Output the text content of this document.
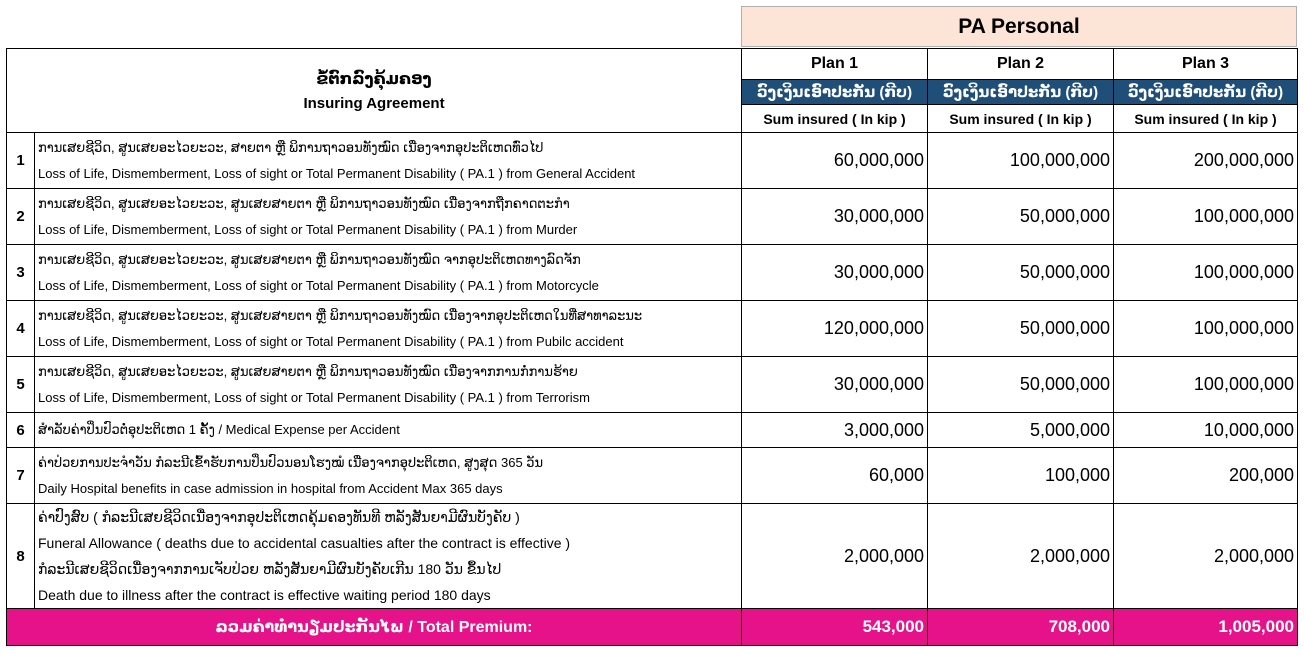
PA Personal
ຂໍ້ຕົກລົງຄຸ້ມຄອງ
Insuring Agreement		Plan 1	Plan 2	Plan 3
		ວົງເງິນເອົາປະກັນ (ກີບ)	ວົງເງິນເອົາປະກັນ (ກີບ)	ວົງເງິນເອົາປະກັນ (ກີບ)
		Sum insured ( In kip )	Sum insured ( In kip )	Sum insured ( In kip )
1	ການເສຍຊີວິດ, ສູນເສຍອະໄວຍະວະ, ສາຍຕາ ຫຼື ພິການຖາວອນທັງໝົດ ເນື່ອງຈາກອຸປະຕິເຫດທົ່ວໄປ
Loss of Life, Dismemberment, Loss of sight or Total Permanent Disability ( PA.1 ) from General Accident	60,000,000	100,000,000	200,000,000
2	ການເສຍຊີວິດ, ສູນເສຍອະໄວຍະວະ, ສູນເສຍສາຍຕາ ຫຼື ພິການຖາວອນທັງໝົດ ເນື່ອງຈາກຖືກຄາດຕະກຳ
Loss of Life, Dismemberment, Loss of sight or Total Permanent Disability ( PA.1 ) from Murder	30,000,000	50,000,000	100,000,000
3	ການເສຍຊີວິດ, ສູນເສຍອະໄວຍະວະ, ສູນເສຍສາຍຕາ ຫຼື ພິການຖາວອນທັງໝົດ ຈາກອຸປະຕິເຫດທາງລົດຈັກ
Loss of Life, Dismemberment, Loss of sight or Total Permanent Disability ( PA.1 ) from Motorcycle	30,000,000	50,000,000	100,000,000
4	ການເສຍຊີວິດ, ສູນເສຍອະໄວຍະວະ, ສູນເສຍສາຍຕາ ຫຼື ພິການຖາວອນທັງໝົດ ເນື່ອງຈາກອຸປະຕິເຫດໃນທີ່ສາທາລະນະ
Loss of Life, Dismemberment, Loss of sight or Total Permanent Disability ( PA.1 ) from Pubilc accident	120,000,000	50,000,000	100,000,000
5	ການເສຍຊີວິດ, ສູນເສຍອະໄວຍະວະ, ສູນເສຍສາຍຕາ ຫຼື ພິການຖາວອນທັງໝົດ ເນື່ອງຈາກການກໍ່ການຮ້າຍ
Loss of Life, Dismemberment, Loss of sight or Total Permanent Disability ( PA.1 ) from Terrorism	30,000,000	50,000,000	100,000,000
6	ສຳລັບຄ່າປິ່ນປົວຕໍ່ອຸປະຕິເຫດ 1 ຄັ້ງ / Medical Expense per Accident	3,000,000	5,000,000	10,000,000
7	ຄ່າປ່ວຍການປະຈຳວັນ ກໍລະນີເຂົ້າຮັບການປິ່ນປົວນອນໂຮງໝໍ ເນື່ອງຈາກອຸປະຕິເຫດ, ສູງສຸດ 365 ວັນ
Daily Hospital benefits in case admission in hospital from Accident Max 365 days	60,000	100,000	200,000
8	ຄ່າປົງສົບ ( ກໍລະນີເສຍຊີວິດເນື່ອງຈາກອຸປະຕິເຫດຄຸ້ມຄອງທັນທີ ຫລັງສັນຍາມີຜົນບັງຄັບ )
Funeral Allowance ( deaths due to accidental casualties after the contract is effective )
ກໍລະນີເສຍຊີວິດເນື່ອງຈາກການເຈັບປ່ວຍ ຫລັງສັນຍາມີຜົນບັງຄັບເກີນ 180 ວັນ ຂຶ້ນໄປ
Death due to illness after the contract is effective waiting period 180 days	2,000,000	2,000,000	2,000,000
ລວມຄ່າທຳນຽມປະກັນໄພ / Total Premium:		543,000	708,000	1,005,000
